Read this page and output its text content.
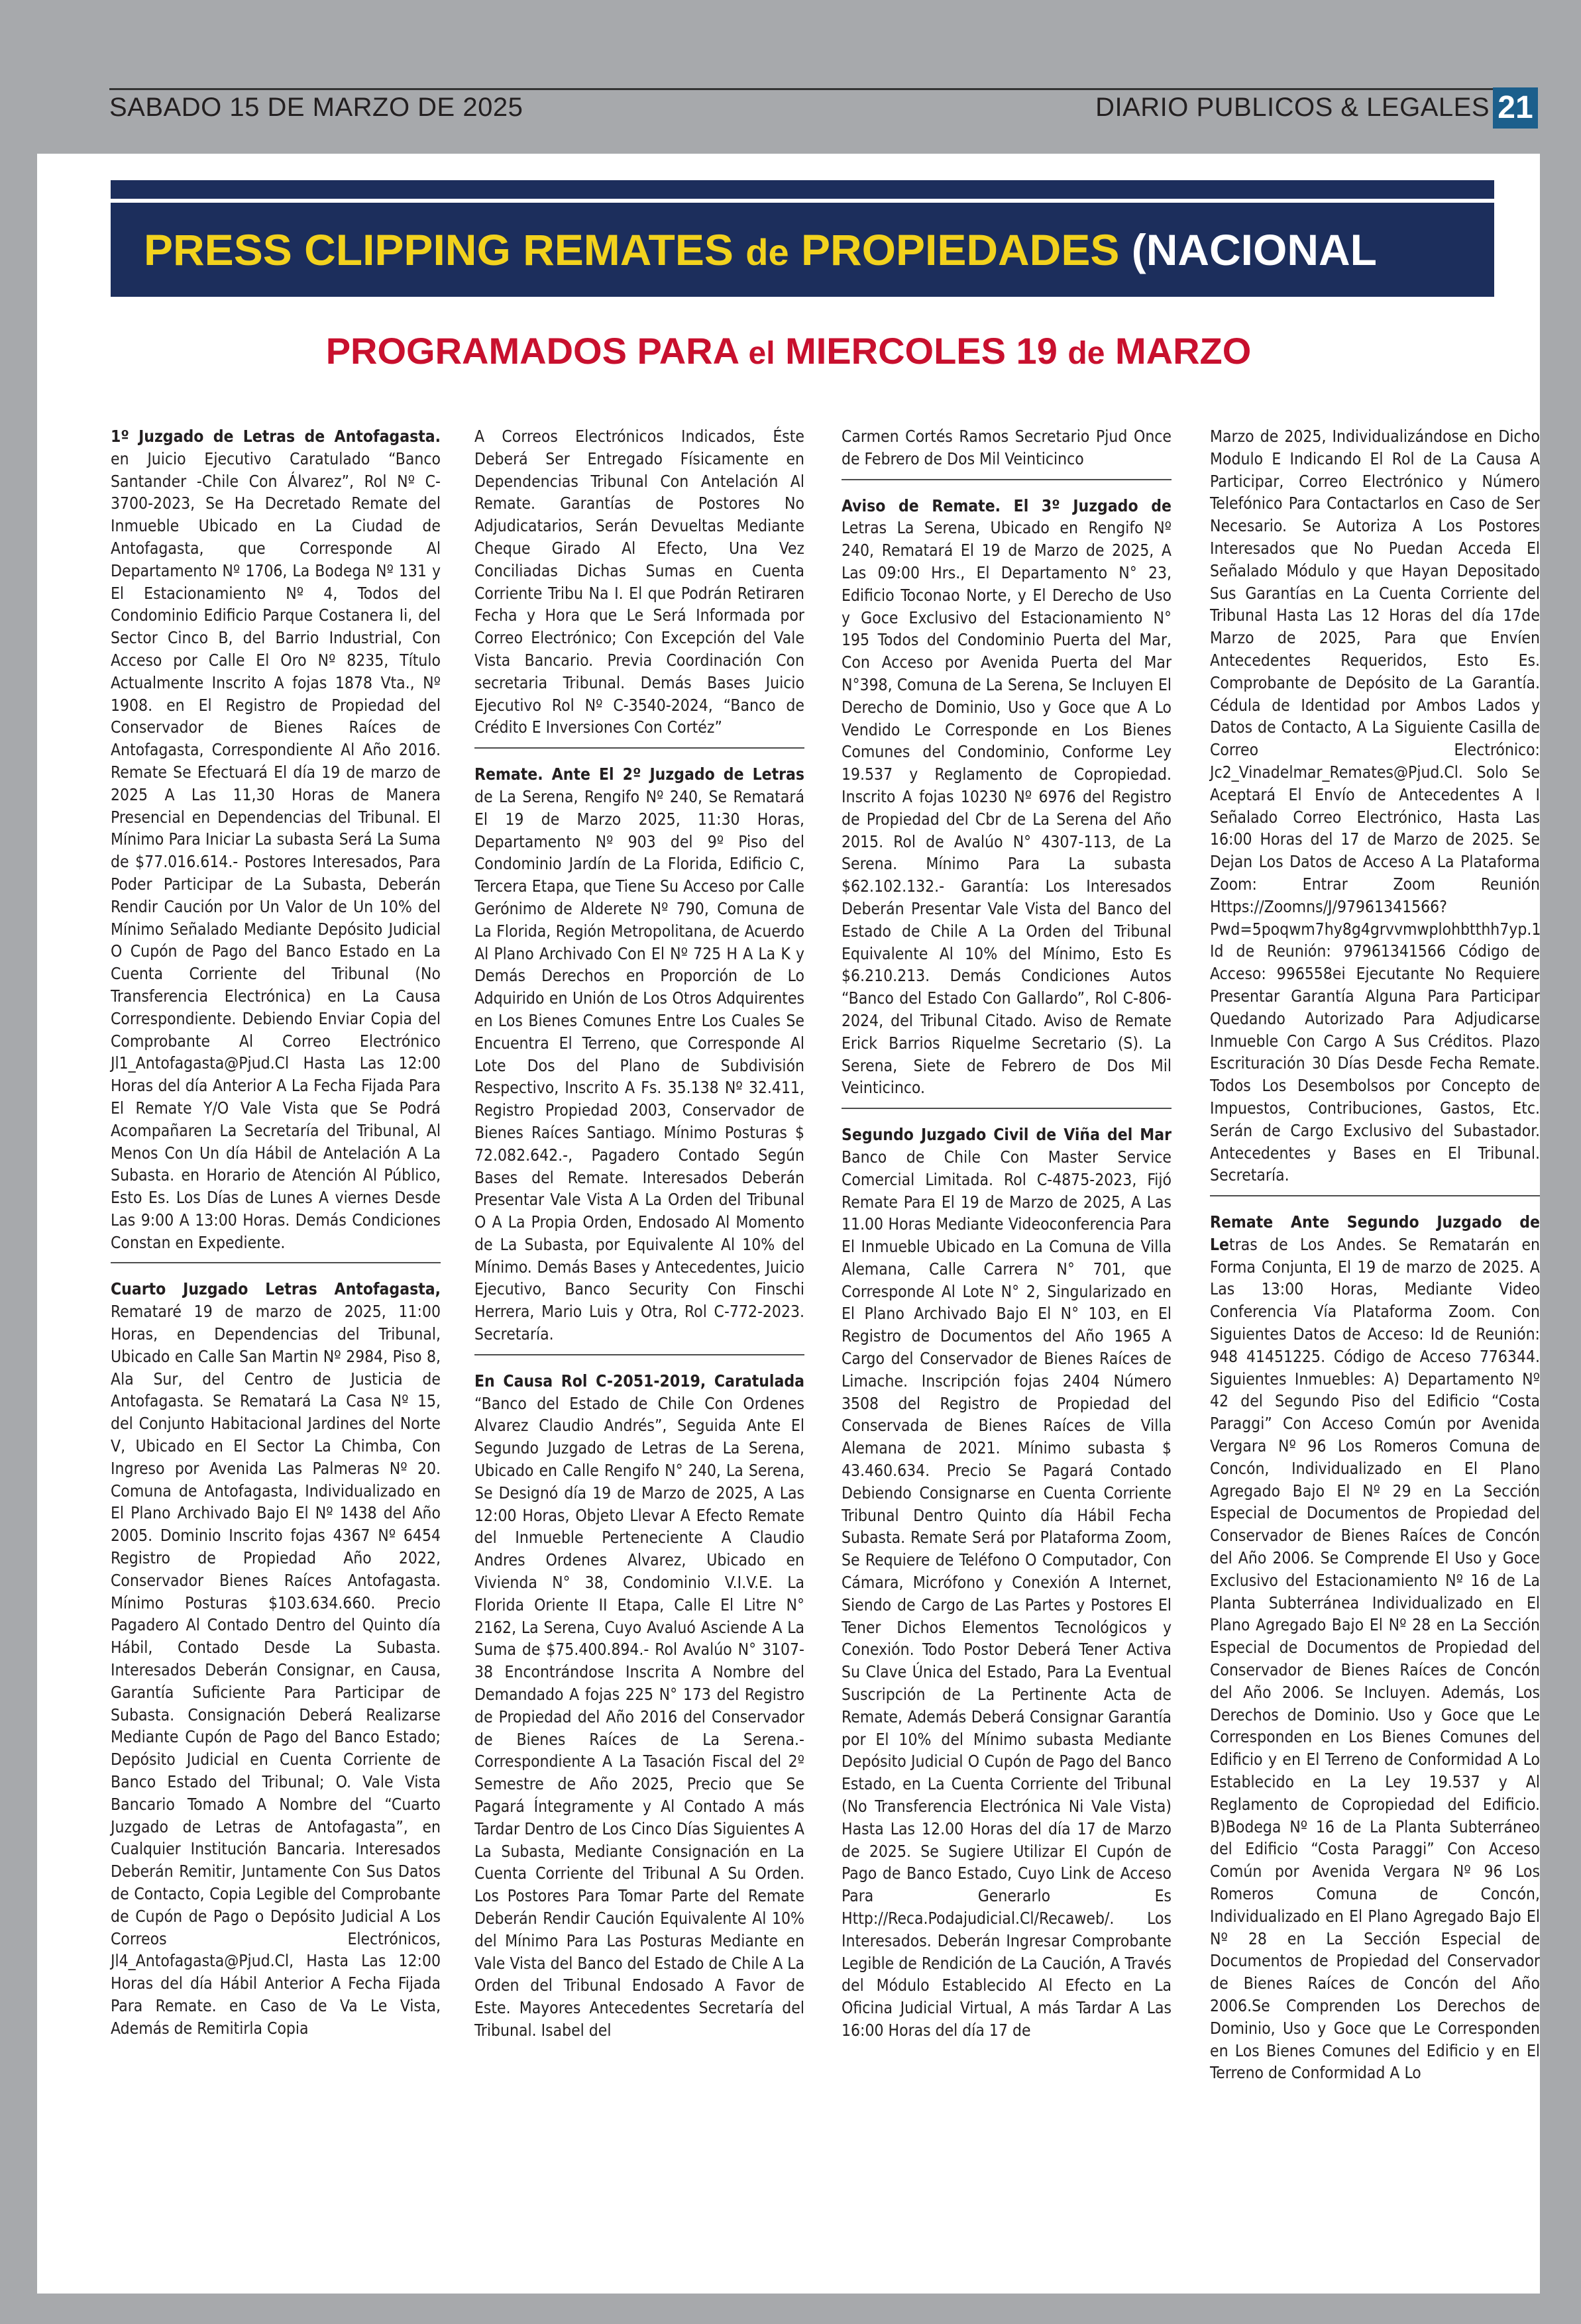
SABADO 15 DE MARZO DE 2025	DIARIO PUBLICOS & LEGALES 21
PRESS CLIPPING REMATES de PROPIEDADES (NACIONAL
PROGRAMADOS PARA el MIERCOLES 19 de MARZO

1º Juzgado de Letras de Antofagasta. en Juicio Ejecutivo Caratulado “Banco Santander -Chile Con Álvarez”, Rol Nº C-3700-2023, Se Ha Decretado Remate del Inmueble Ubicado en La Ciudad de Antofagasta, que Corresponde Al Departamento Nº 1706, La Bodega Nº 131 y El Estacionamiento Nº 4, Todos del Condominio Edificio Parque Costanera Ii, del Sector Cinco B, del Barrio Industrial, Con Acceso por Calle El Oro Nº 8235, Título Actualmente Inscrito A fojas 1878 Vta., Nº 1908. en El Registro de Propiedad del Conservador de Bienes Raíces de Antofagasta, Correspondiente Al Año 2016. Remate Se Efectuará El día 19 de marzo de 2025 A Las 11,30 Horas de Manera Presencial en Dependencias del Tribunal. El Mínimo Para Iniciar La subasta Será La Suma de $77.016.614.- Postores Interesados, Para Poder Participar de La Subasta, Deberán Rendir Caución por Un Valor de Un 10% del Mínimo Señalado Mediante Depósito Judicial O Cupón de Pago del Banco Estado en La Cuenta Corriente del Tribunal (No Transferencia Electrónica) en La Causa Correspondiente. Debiendo Enviar Copia del Comprobante Al Correo Electrónico Jl1_Antofagasta@Pjud.Cl Hasta Las 12:00 Horas del día Anterior A La Fecha Fijada Para El Remate Y/O Vale Vista que Se Podrá Acompañaren La Secretaría del Tribunal, Al Menos Con Un día Hábil de Antelación A La Subasta. en Horario de Atención Al Público, Esto Es. Los Días de Lunes A viernes Desde Las 9:00 A 13:00 Horas. Demás Condiciones Constan en Expediente.

Cuarto Juzgado Letras Antofagasta, Remataré 19 de marzo de 2025, 11:00 Horas, en Dependencias del Tribunal, Ubicado en Calle San Martin Nº 2984, Piso 8, Ala Sur, del Centro de Justicia de Antofagasta. Se Rematará La Casa Nº 15, del Conjunto Habitacional Jardines del Norte V, Ubicado en El Sector La Chimba, Con Ingreso por Avenida Las Palmeras Nº 20. Comuna de Antofagasta, Individualizado en El Plano Archivado Bajo El Nº 1438 del Año 2005. Dominio Inscrito fojas 4367 Nº 6454 Registro de Propiedad Año 2022, Conservador Bienes Raíces Antofagasta. Mínimo Posturas $103.634.660. Precio Pagadero Al Contado Dentro del Quinto día Hábil, Contado Desde La Subasta. Interesados Deberán Consignar, en Causa, Garantía Suficiente Para Participar de Subasta. Consignación Deberá Realizarse Mediante Cupón de Pago del Banco Estado; Depósito Judicial en Cuenta Corriente de Banco Estado del Tribunal; O. Vale Vista Bancario Tomado A Nombre del “Cuarto Juzgado de Letras de Antofagasta”, en Cualquier Institución Bancaria. Interesados Deberán Remitir, Juntamente Con Sus Datos de Contacto, Copia Legible del Comprobante de Cupón de Pago o Depósito Judicial A Los Correos Electrónicos, Jl4_Antofagasta@Pjud.Cl, Hasta Las 12:00 Horas del día Hábil Anterior A Fecha Fijada Para Remate. en Caso de Va Le Vista, Además de Remitirla Copia

A Correos Electrónicos Indicados, Éste Deberá Ser Entregado Físicamente en Dependencias Tribunal Con Antelación Al Remate. Garantías de Postores No Adjudicatarios, Serán Devueltas Mediante Cheque Girado Al Efecto, Una Vez Conciliadas Dichas Sumas en Cuenta Corriente Tribu Na I. El que Podrán Retiraren Fecha y Hora que Le Será Informada por Correo Electrónico; Con Excepción del Vale Vista Bancario. Previa Coordinación Con secretaria Tribunal. Demás Bases Juicio Ejecutivo Rol Nº C-3540-2024, “Banco de Crédito E Inversiones Con Cortéz”

Remate. Ante El 2º Juzgado de Letras de La Serena, Rengifo Nº 240, Se Rematará El 19 de Marzo 2025, 11:30 Horas, Departamento Nº 903 del 9º Piso del Condominio Jardín de La Florida, Edificio C, Tercera Etapa, que Tiene Su Acceso por Calle Gerónimo de Alderete Nº 790, Comuna de La Florida, Región Metropolitana, de Acuerdo Al Plano Archivado Con El Nº 725 H A La K y Demás Derechos en Proporción de Lo Adquirido en Unión de Los Otros Adquirentes en Los Bienes Comunes Entre Los Cuales Se Encuentra El Terreno, que Corresponde Al Lote Dos del Plano de Subdivisión Respectivo, Inscrito A Fs. 35.138 Nº 32.411, Registro Propiedad 2003, Conservador de Bienes Raíces Santiago. Mínimo Posturas $ 72.082.642.-, Pagadero Contado Según Bases del Remate. Interesados Deberán Presentar Vale Vista A La Orden del Tribunal O A La Propia Orden, Endosado Al Momento de La Subasta, por Equivalente Al 10% del Mínimo. Demás Bases y Antecedentes, Juicio Ejecutivo, Banco Security Con Finschi Herrera, Mario Luis y Otra, Rol C-772-2023. Secretaría.

En Causa Rol C-2051-2019, Caratulada “Banco del Estado de Chile Con Ordenes Alvarez Claudio Andrés”, Seguida Ante El Segundo Juzgado de Letras de La Serena, Ubicado en Calle Rengifo N° 240, La Serena, Se Designó día 19 de Marzo de 2025, A Las 12:00 Horas, Objeto Llevar A Efecto Remate del Inmueble Perteneciente A Claudio Andres Ordenes Alvarez, Ubicado en Vivienda N° 38, Condominio V.I.V.E. La Florida Oriente II Etapa, Calle El Litre N° 2162, La Serena, Cuyo Avaluó Asciende A La Suma de $75.400.894.- Rol Avalúo N° 3107-38 Encontrándose Inscrita A Nombre del Demandado A fojas 225 N° 173 del Registro de Propiedad del Año 2016 del Conservador de Bienes Raíces de La Serena.- Correspondiente A La Tasación Fiscal del 2º Semestre de Año 2025, Precio que Se Pagará Íntegramente y Al Contado A más Tardar Dentro de Los Cinco Días Siguientes A La Subasta, Mediante Consignación en La Cuenta Corriente del Tribunal A Su Orden. Los Postores Para Tomar Parte del Remate Deberán Rendir Caución Equivalente Al 10% del Mínimo Para Las Posturas Mediante en Vale Vista del Banco del Estado de Chile A La Orden del Tribunal Endosado A Favor de Este. Mayores Antecedentes Secretaría del Tribunal. Isabel del

Carmen Cortés Ramos Secretario Pjud Once de Febrero de Dos Mil Veinticinco

Aviso de Remate. El 3º Juzgado de Letras La Serena, Ubicado en Rengifo Nº 240, Rematará El 19 de Marzo de 2025, A Las 09:00 Hrs., El Departamento N° 23, Edificio Toconao Norte, y El Derecho de Uso y Goce Exclusivo del Estacionamiento N° 195 Todos del Condominio Puerta del Mar, Con Acceso por Avenida Puerta del Mar N°398, Comuna de La Serena, Se Incluyen El Derecho de Dominio, Uso y Goce que A Lo Vendido Le Corresponde en Los Bienes Comunes del Condominio, Conforme Ley 19.537 y Reglamento de Copropiedad. Inscrito A fojas 10230 Nº 6976 del Registro de Propiedad del Cbr de La Serena del Año 2015. Rol de Avalúo N° 4307-113, de La Serena. Mínimo Para La subasta $62.102.132.- Garantía: Los Interesados Deberán Presentar Vale Vista del Banco del Estado de Chile A La Orden del Tribunal Equivalente Al 10% del Mínimo, Esto Es $6.210.213. Demás Condiciones Autos “Banco del Estado Con Gallardo”, Rol C-806-2024, del Tribunal Citado. Aviso de Remate Erick Barrios Riquelme Secretario (S). La Serena, Siete de Febrero de Dos Mil Veinticinco.

Segundo Juzgado Civil de Viña del Mar Banco de Chile Con Master Service Comercial Limitada. Rol C-4875-2023, Fijó Remate Para El 19 de Marzo de 2025, A Las 11.00 Horas Mediante Videoconferencia Para El Inmueble Ubicado en La Comuna de Villa Alemana, Calle Carrera N° 701, que Corresponde Al Lote N° 2, Singularizado en El Plano Archivado Bajo El N° 103, en El Registro de Documentos del Año 1965 A Cargo del Conservador de Bienes Raíces de Limache. Inscripción fojas 2404 Número 3508 del Registro de Propiedad del Conservada de Bienes Raíces de Villa Alemana de 2021. Mínimo subasta $ 43.460.634. Precio Se Pagará Contado Debiendo Consignarse en Cuenta Corriente Tribunal Dentro Quinto día Hábil Fecha Subasta. Remate Será por Plataforma Zoom, Se Requiere de Teléfono O Computador, Con Cámara, Micrófono y Conexión A Internet, Siendo de Cargo de Las Partes y Postores El Tener Dichos Elementos Tecnológicos y Conexión. Todo Postor Deberá Tener Activa Su Clave Única del Estado, Para La Eventual Suscripción de La Pertinente Acta de Remate, Además Deberá Consignar Garantía por El 10% del Mínimo subasta Mediante Depósito Judicial O Cupón de Pago del Banco Estado, en La Cuenta Corriente del Tribunal (No Transferencia Electrónica Ni Vale Vista) Hasta Las 12.00 Horas del día 17 de Marzo de 2025. Se Sugiere Utilizar El Cupón de Pago de Banco Estado, Cuyo Link de Acceso Para Generarlo Es Http://Reca.Podajudicial.Cl/Recaweb/. Los Interesados. Deberán Ingresar Comprobante Legible de Rendición de La Caución, A Través del Módulo Establecido Al Efecto en La Oficina Judicial Virtual, A más Tardar A Las 16:00 Horas del día 17 de

Marzo de 2025, Individualizándose en Dicho Modulo E Indicando El Rol de La Causa A Participar, Correo Electrónico y Número Telefónico Para Contactarlos en Caso de Ser Necesario. Se Autoriza A Los Postores Interesados que No Puedan Acceda El Señalado Módulo y que Hayan Depositado Sus Garantías en La Cuenta Corriente del Tribunal Hasta Las 12 Horas del día 17de Marzo de 2025, Para que Envíen Antecedentes Requeridos, Esto Es. Comprobante de Depósito de La Garantía. Cédula de Identidad por Ambos Lados y Datos de Contacto, A La Siguiente Casilla de Correo Electrónico: Jc2_Vinadelmar_Remates@Pjud.Cl. Solo Se Aceptará El Envío de Antecedentes A I Señalado Correo Electrónico, Hasta Las 16:00 Horas del 17 de Marzo de 2025. Se Dejan Los Datos de Acceso A La Plataforma Zoom: Entrar Zoom Reunión Https://Zoomns/J/97961341566?Pwd=5poqwm7hy8g4grvvmwplohbtthh7yp.1 Id de Reunión: 97961341566 Código de Acceso: 996558ei Ejecutante No Requiere Presentar Garantía Alguna Para Participar Quedando Autorizado Para Adjudicarse Inmueble Con Cargo A Sus Créditos. Plazo Escrituración 30 Días Desde Fecha Remate. Todos Los Desembolsos por Concepto de Impuestos, Contribuciones, Gastos, Etc. Serán de Cargo Exclusivo del Subastador. Antecedentes y Bases en El Tribunal. Secretaría.

Remate Ante Segundo Juzgado de Letras de Los Andes. Se Rematarán en Forma Conjunta, El 19 de marzo de 2025. A Las 13:00 Horas, Mediante Video Conferencia Vía Plataforma Zoom. Con Siguientes Datos de Acceso: Id de Reunión: 948 41451225. Código de Acceso 776344. Siguientes Inmuebles: A) Departamento Nº 42 del Segundo Piso del Edificio “Costa Paraggi” Con Acceso Común por Avenida Vergara Nº 96 Los Romeros Comuna de Concón, Individualizado en El Plano Agregado Bajo El Nº 29 en La Sección Especial de Documentos de Propiedad del Conservador de Bienes Raíces de Concón del Año 2006. Se Comprende El Uso y Goce Exclusivo del Estacionamiento Nº 16 de La Planta Subterránea Individualizado en El Plano Agregado Bajo El Nº 28 en La Sección Especial de Documentos de Propiedad del Conservador de Bienes Raíces de Concón del Año 2006. Se Incluyen. Además, Los Derechos de Dominio. Uso y Goce que Le Corresponden en Los Bienes Comunes del Edificio y en El Terreno de Conformidad A Lo Establecido en La Ley 19.537 y Al Reglamento de Copropiedad del Edificio. B)Bodega Nº 16 de La Planta Subterráneo del Edificio “Costa Paraggi” Con Acceso Común por Avenida Vergara Nº 96 Los Romeros Comuna de Concón, Individualizado en El Plano Agregado Bajo El Nº 28 en La Sección Especial de Documentos de Propiedad del Conservador de Bienes Raíces de Concón del Año 2006.Se Comprenden Los Derechos de Dominio, Uso y Goce que Le Corresponden en Los Bienes Comunes del Edificio y en El Terreno de Conformidad A Lo
